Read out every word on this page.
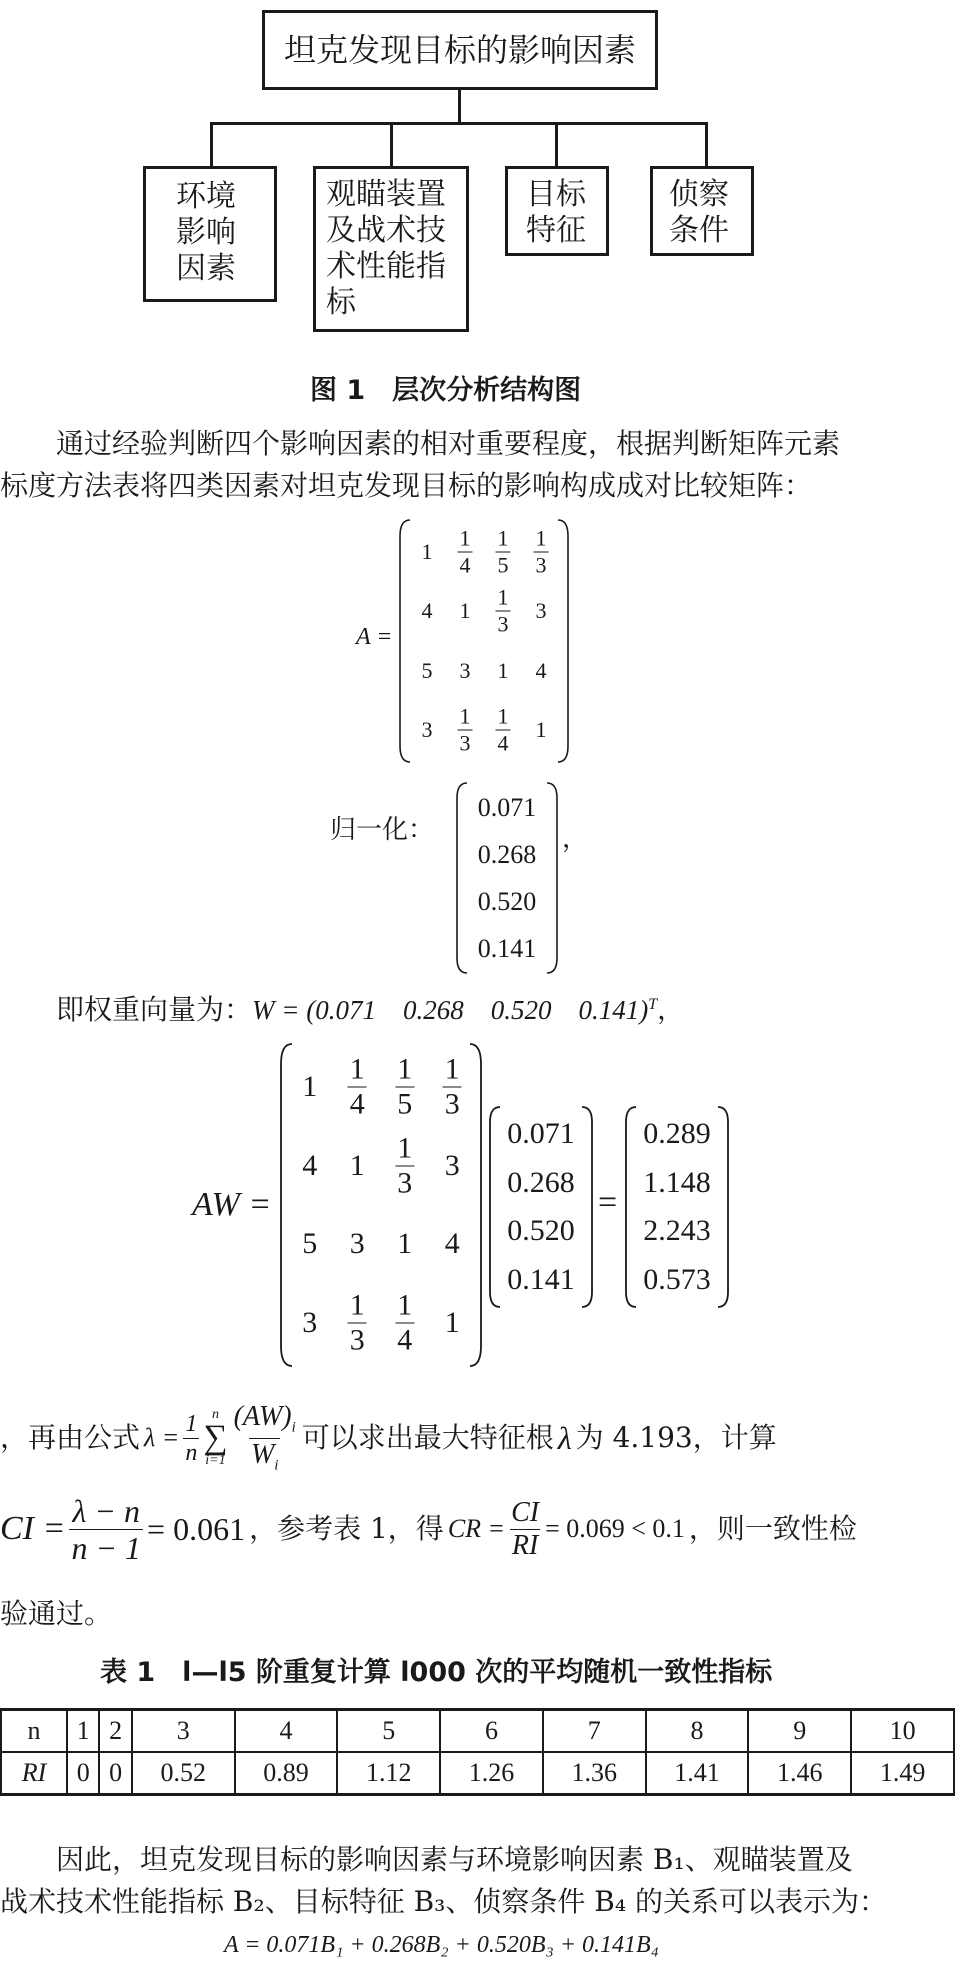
坦克发现目标的影响因素
环境
影响
因素
观瞄装置
及战术技
术性能指
标
目标
特征
侦察
条件
图 1　层次分析结构图
通过经验判断四个影响因素的相对重要程度，根据判断矩阵元素
标度方法表将四类因素对坦克发现目标的影响构成成对比较矩阵：
A =
$1 \frac{1}{4} \frac{1}{5} \frac{1}{3}$
4 $1 \frac{1}{3} 3$
5 3 1 4
$3 \frac{1}{3} \frac{1}{4} 1$
归一化：
0.071
0.268
0.520
0.141
，
即权重向量为： W = (0.071　0.268　0.520　0.141)$^T$，
AW =
$1 \frac{1}{4} \frac{1}{5} \frac{1}{3}$
4 $1 \frac{1}{3} 3$
5 3 1 4
$3 \frac{1}{3} \frac{1}{4} 1$
0.071
0.268
0.520
0.141
=
0.289
1.148
2.243
0.573
，再由公式 $\lambda = \frac{1}{n}$ n
∑
$i=1 \frac{(AW)_i}{W_i}$ 可以求出最大特征根 λ 为 4.193，计算
CI = $\frac{\lambda - n}{n - 1} = 0.061$ ，参考表 1，得 CR = $\frac{CI}{RI} = 0.069 < 0.1$ ，则一致性检
验通过。
表 1　l—l5 阶重复计算 l000 次的平均随机一致性指标
n	1	2	3	4	5	6	7	8	9	10
RI	0	0	0.52	0.89	1.12	1.26	1.36	1.41	1.46	1.49
因此，坦克发现目标的影响因素与环境影响因素 B₁、观瞄装置及
战术技术性能指标 B₂、目标特征 B₃、侦察条件 B₄ 的关系可以表示为：
A = 0.071B₁ + 0.268B₂ + 0.520B₃ + 0.141B₄
